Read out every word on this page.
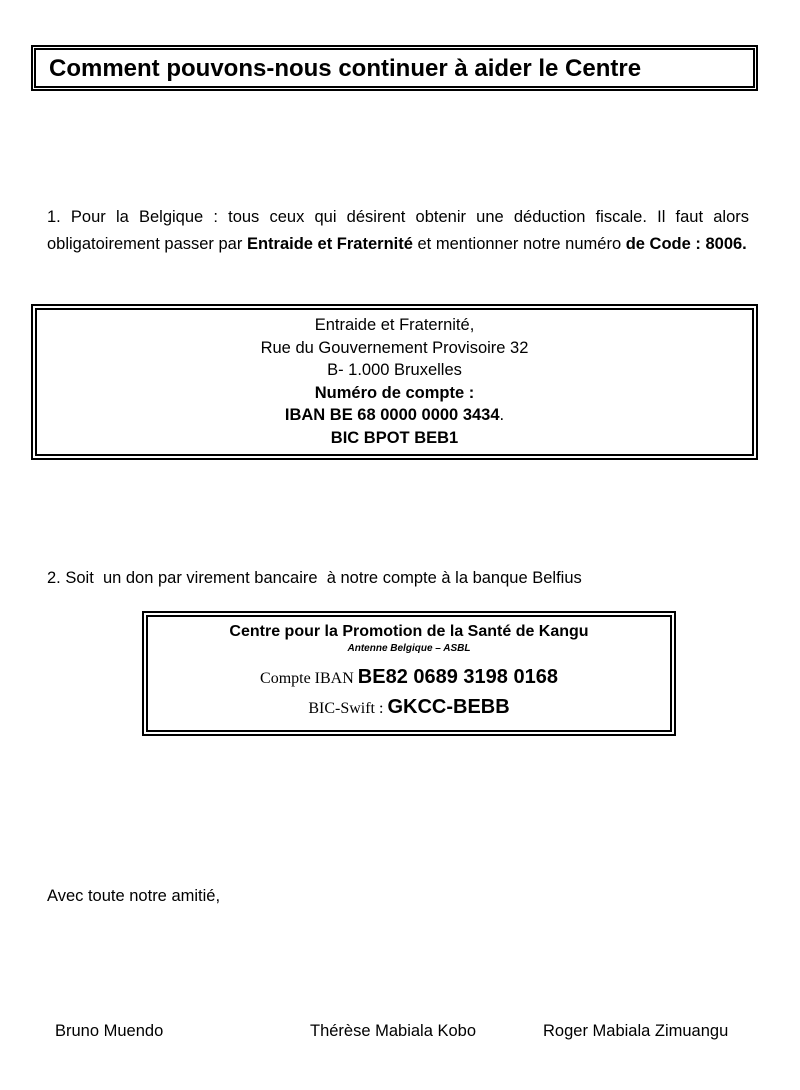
Comment pouvons-nous continuer à aider le Centre
1. Pour la Belgique : tous ceux qui désirent obtenir une déduction fiscale. Il faut alors obligatoirement passer par Entraide et Fraternité et mentionner notre numéro de Code : 8006.
Entraide et Fraternité,
Rue du Gouvernement Provisoire 32
B- 1.000 Bruxelles
Numéro de compte :
IBAN BE 68 0000 0000 3434.
BIC BPOT BEB1
2. Soit  un don par virement bancaire  à notre compte à la banque Belfius
Centre pour la Promotion de la Santé de Kangu
Antenne Belgique – ASBL
Compte IBAN BE82 0689 3198 0168
BIC-Swift : GKCC-BEBB
Avec toute notre amitié,
Bruno Muendo	Thérèse Mabiala Kobo	Roger Mabiala Zimuangu
